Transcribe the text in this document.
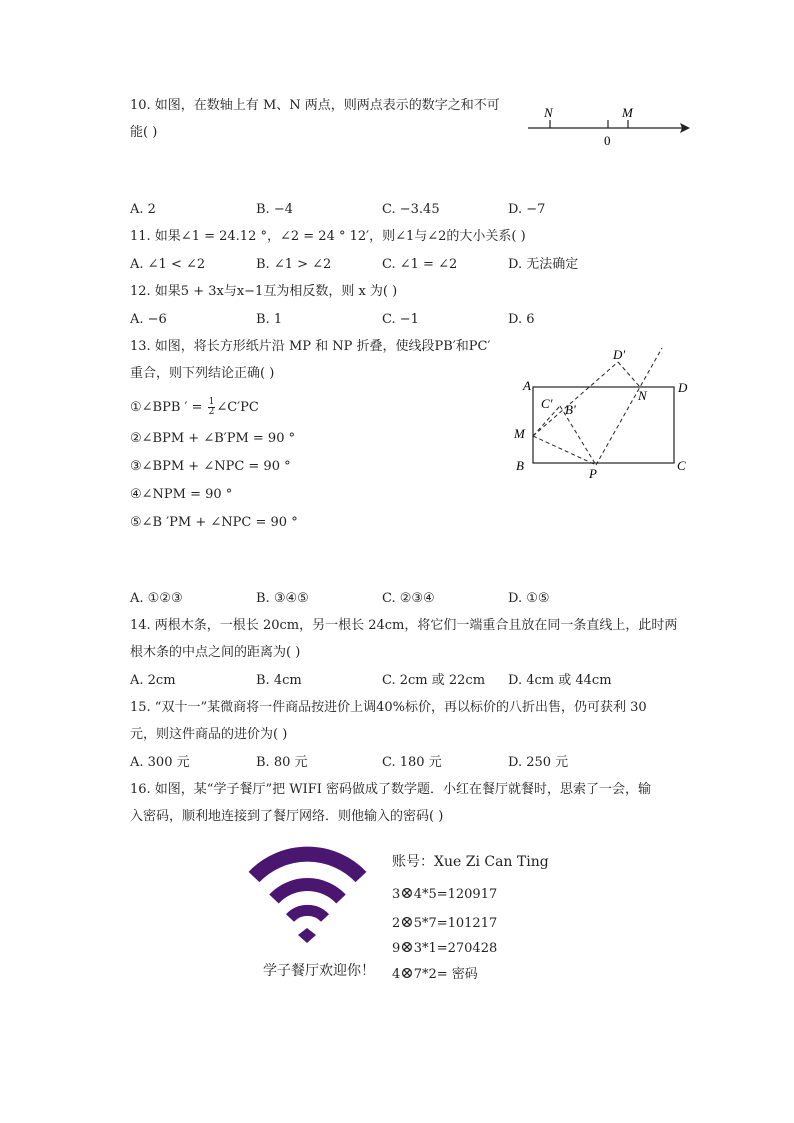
10. 如图，在数轴上有 M、N 两点，则两点表示的数字之和不可
能( )
N	M
0
A. 2	B. −4	C. −3.45	D. −7
11. 如果∠1 = 24.12 °，∠2 = 24 ° 12′，则∠1与∠2的大小关系( )
A. ∠1 < ∠2	B. ∠1 > ∠2	C. ∠1 = ∠2	D. 无法确定
12. 如果5 + 3x与x−1互为相反数，则 x 为( )
A. −6	B. 1	C. −1	D. 6
13. 如图，将长方形纸片沿 MP 和 NP 折叠，使线段PB′和PC′
重合，则下列结论正确( )
①∠BPB ′ = $\frac{1}{2}$ ∠C′PC
②∠BPM + ∠B′PM = 90 °
③∠BPM + ∠NPC = 90 °
④∠NPM = 90 °
⑤∠B ′PM + ∠NPC = 90 °
A	D
B	C
M
N
P
B′
C′
D′
A. ①②③	B. ③④⑤	C. ②③④	D. ①⑤
14. 两根木条，一根长 20cm，另一根长 24cm，将它们一端重合且放在同一条直线上，此时两
根木条的中点之间的距离为( )
A. 2cm	B. 4cm	C. 2cm 或 22cm D. 4cm 或 44cm
15. “双十一”某微商将一件商品按进价上调40%标价，再以标价的八折出售，仍可获利 30
元，则这件商品的进价为( )
A. 300 元	B. 80 元	C. 180 元	D. 250 元
16. 如图，某“学子餐厅”把 WIFI 密码做成了数学题．小红在餐厅就餐时，思索了一会，输
入密码，顺利地连接到了餐厅网络．则他输入的密码( )
学子餐厅欢迎你！
账号：Xue Zi Can Ting
3⊗4*5=120917
2⊗5*7=101217
9⊗3*1=270428
4⊗7*2= 密码
